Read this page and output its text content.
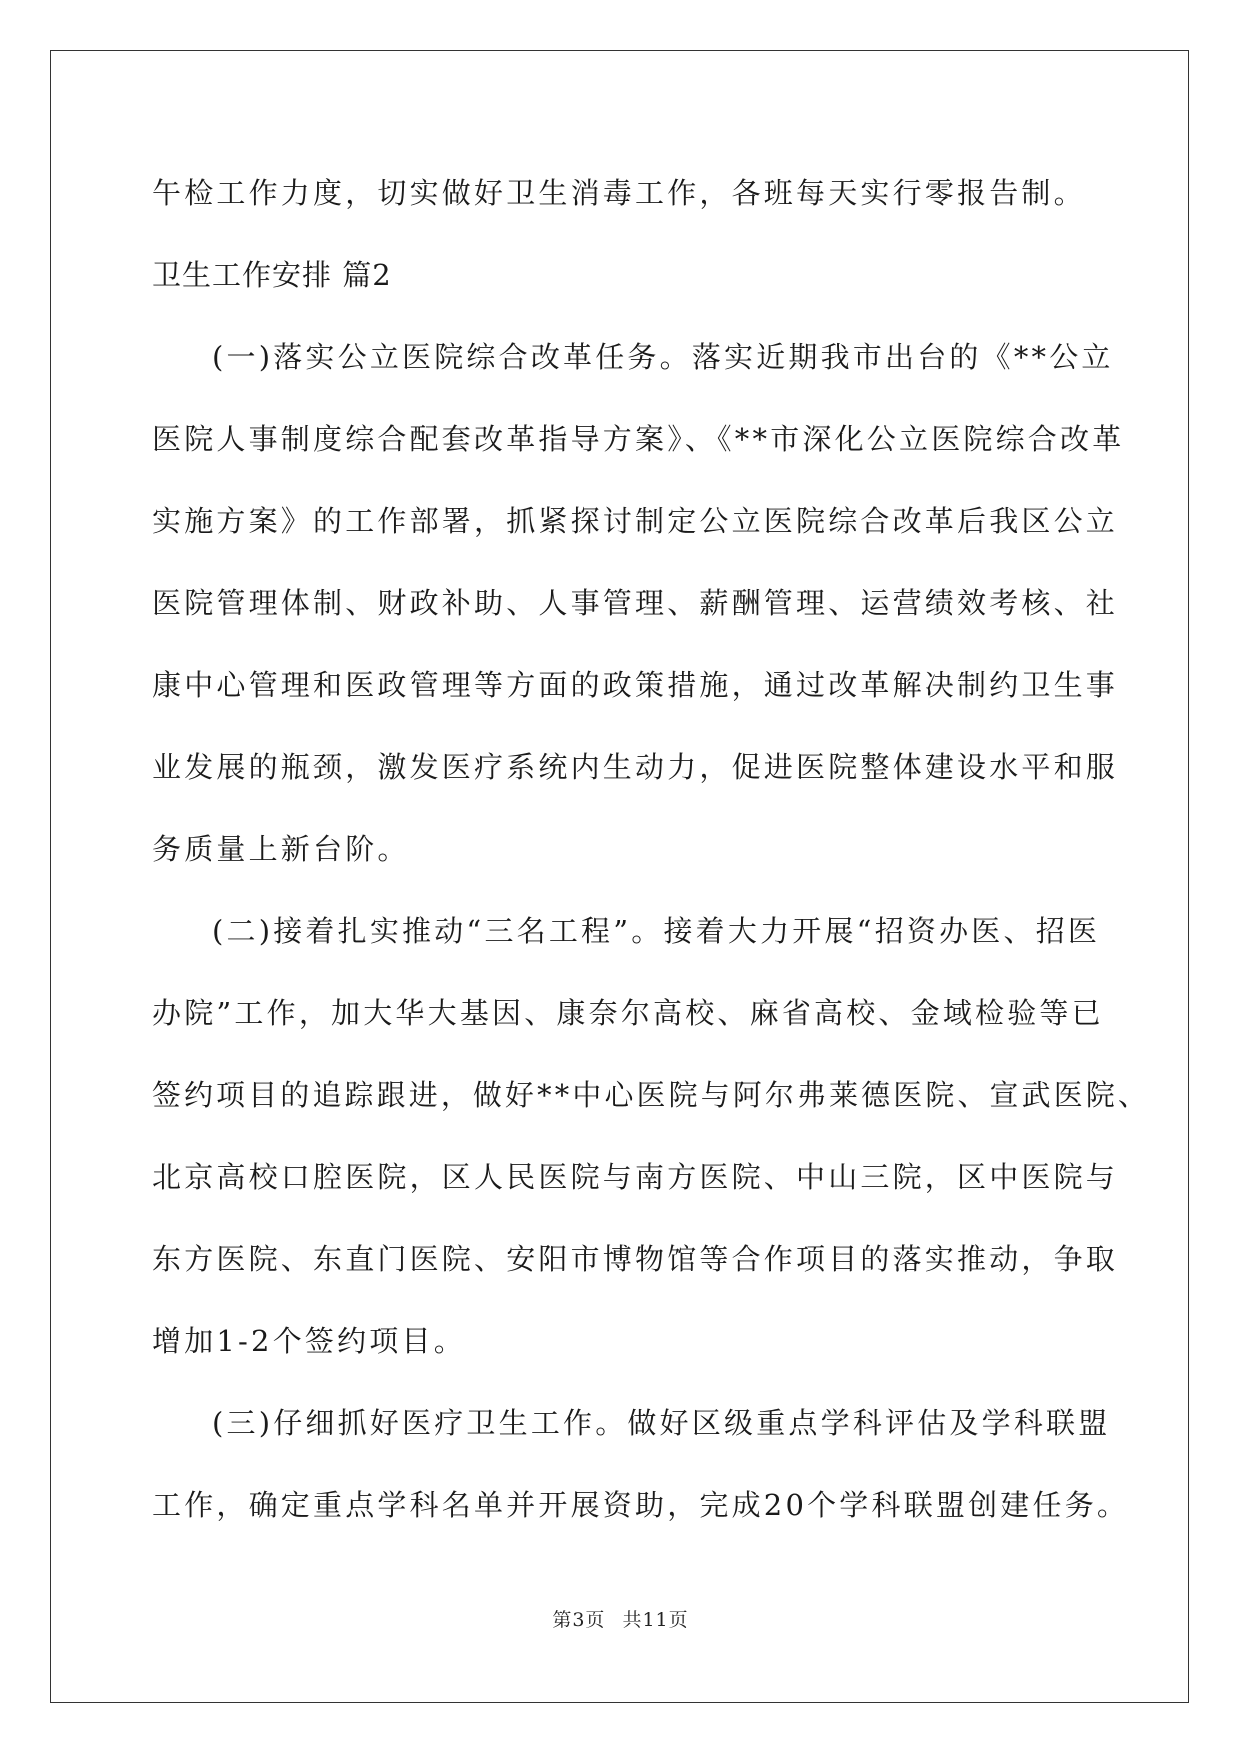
午检工作力度，切实做好卫生消毒工作，各班每天实行零报告制。
卫生工作安排 篇2
(一)落实公立医院综合改革任务。落实近期我市出台的《**公立
医院人事制度综合配套改革指导方案》、《**市深化公立医院综合改革
实施方案》的工作部署，抓紧探讨制定公立医院综合改革后我区公立
医院管理体制、财政补助、人事管理、薪酬管理、运营绩效考核、社
康中心管理和医政管理等方面的政策措施，通过改革解决制约卫生事
业发展的瓶颈，激发医疗系统内生动力，促进医院整体建设水平和服
务质量上新台阶。
(二)接着扎实推动“三名工程”。接着大力开展“招资办医、招医
办院”工作，加大华大基因、康奈尔高校、麻省高校、金域检验等已
签约项目的追踪跟进，做好**中心医院与阿尔弗莱德医院、宣武医院、
北京高校口腔医院，区人民医院与南方医院、中山三院，区中医院与
东方医院、东直门医院、安阳市博物馆等合作项目的落实推动，争取
增加1-2个签约项目。
(三)仔细抓好医疗卫生工作。做好区级重点学科评估及学科联盟
工作，确定重点学科名单并开展资助，完成20个学科联盟创建任务。
第3页 共11页
